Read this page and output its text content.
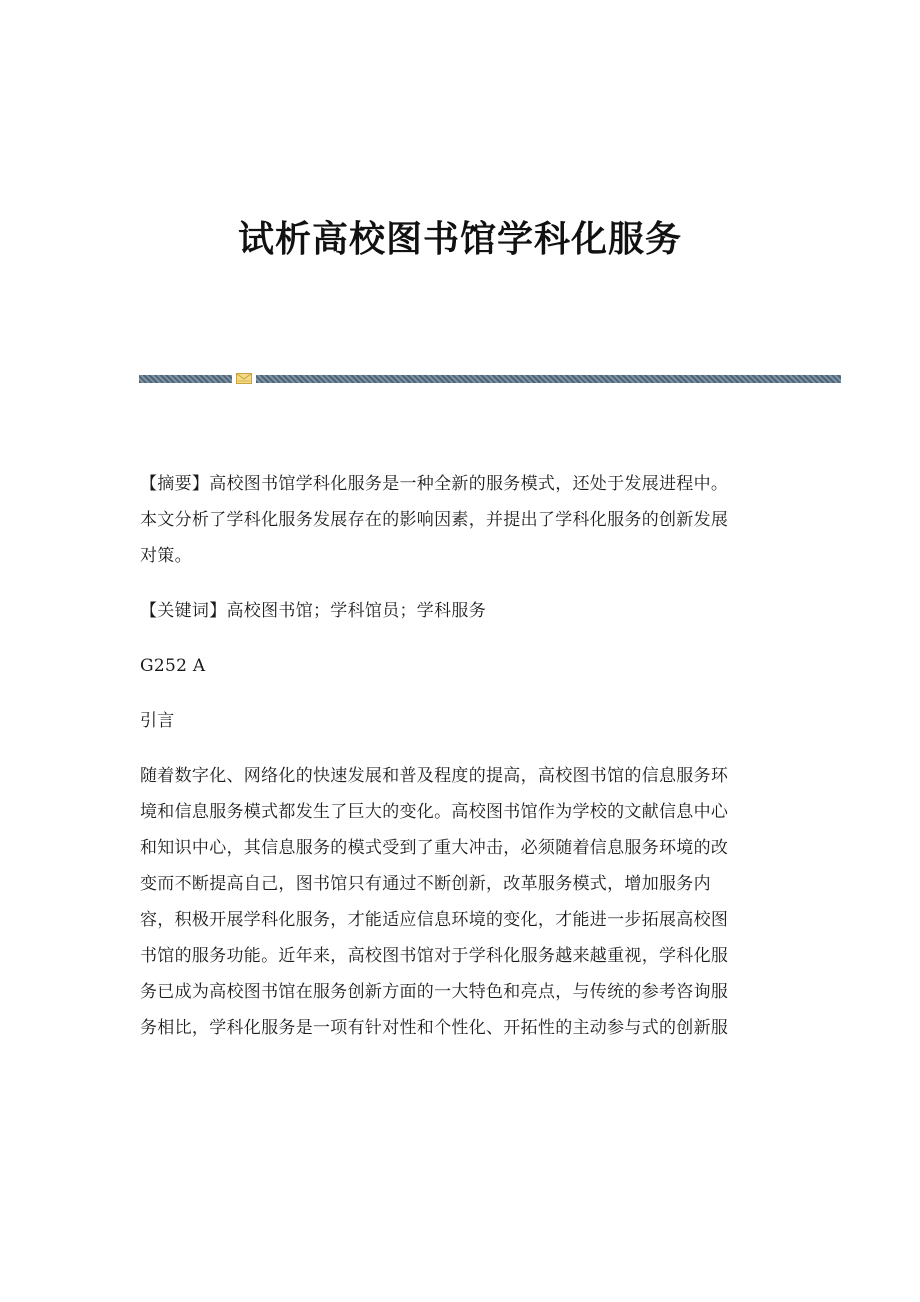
试析高校图书馆学科化服务
【摘要】高校图书馆学科化服务是一种全新的服务模式，还处于发展进程中。
本文分析了学科化服务发展存在的影响因素，并提出了学科化服务的创新发展
对策。
【关键词】高校图书馆；学科馆员；学科服务
G252 A
引言
随着数字化、网络化的快速发展和普及程度的提高，高校图书馆的信息服务环
境和信息服务模式都发生了巨大的变化。高校图书馆作为学校的文献信息中心
和知识中心，其信息服务的模式受到了重大冲击，必须随着信息服务环境的改
变而不断提高自己，图书馆只有通过不断创新，改革服务模式，增加服务内
容，积极开展学科化服务，才能适应信息环境的变化，才能进一步拓展高校图
书馆的服务功能。近年来，高校图书馆对于学科化服务越来越重视，学科化服
务已成为高校图书馆在服务创新方面的一大特色和亮点，与传统的参考咨询服
务相比，学科化服务是一项有针对性和个性化、开拓性的主动参与式的创新服
